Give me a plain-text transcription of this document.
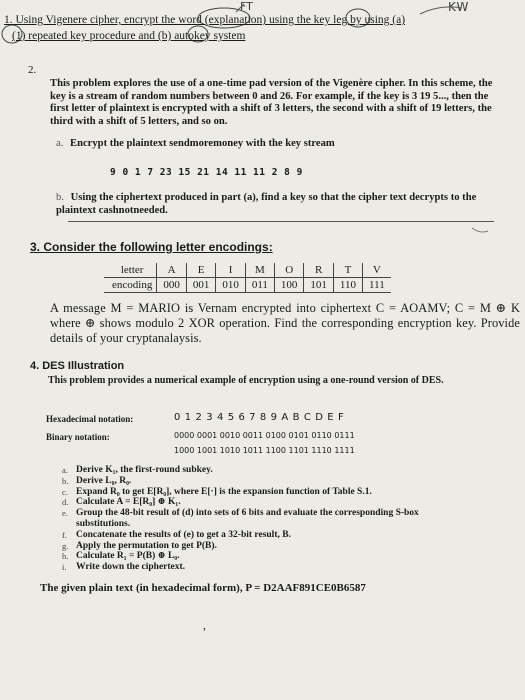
KW
FT
1. Using Vigenere cipher, encrypt the word (explanation) using the key leg by using (a)
(1) repeated key procedure and (b) autokey system
2.
This problem explores the use of a one-time pad version of the Vigenère cipher. In this scheme, the key is a stream of random numbers between 0 and 26. For example, if the key is 3 19 5..., then the first letter of plaintext is encrypted with a shift of 3 letters, the second with a shift of 19 letters, the third with a shift of 5 letters, and so on.
a. Encrypt the plaintext sendmoremoney with the key stream
9 0 1 7 23 15 21 14 11 11 2 8 9
b. Using the ciphertext produced in part (a), find a key so that the cipher text decrypts to the plaintext cashnotneeded.
3. Consider the following letter encodings:
letter	A	E	I	M	O	R	T	V
encoding	000	001	010	011	100	101	110	111
A message M = MARIO is Vernam encrypted into ciphertext C = AOAMV; C = M ⊕ K where ⊕ shows modulo 2 XOR operation. Find the corresponding encryption key. Provide details of your cryptanalaysis.
4. DES Illustration
This problem provides a numerical example of encryption using a one-round version of DES.
Hexadecimal notation:	0 1 2 3 4 5 6 7 8 9 A B C D E F
Binary notation:	0000 0001 0010 0011 0100 0101 0110 0111
1000 1001 1010 1011 1100 1101 1110 1111
a. Derive K₁, the first-round subkey.
b. Derive L₀, R₀.
c. Expand R₀ to get E[R₀], where E[·] is the expansion function of Table S.1.
d. Calculate A = E[R₀] ⊕ K₁.
e. Group the 48-bit result of (d) into sets of 6 bits and evaluate the corresponding S-box substitutions.
f. Concatenate the results of (e) to get a 32-bit result, B.
g. Apply the permutation to get P(B).
h. Calculate R₁ = P(B) ⊕ L₀.
i. Write down the ciphertext.
The given plain text (in hexadecimal form), P = D2AAF891CE0B6587
,
